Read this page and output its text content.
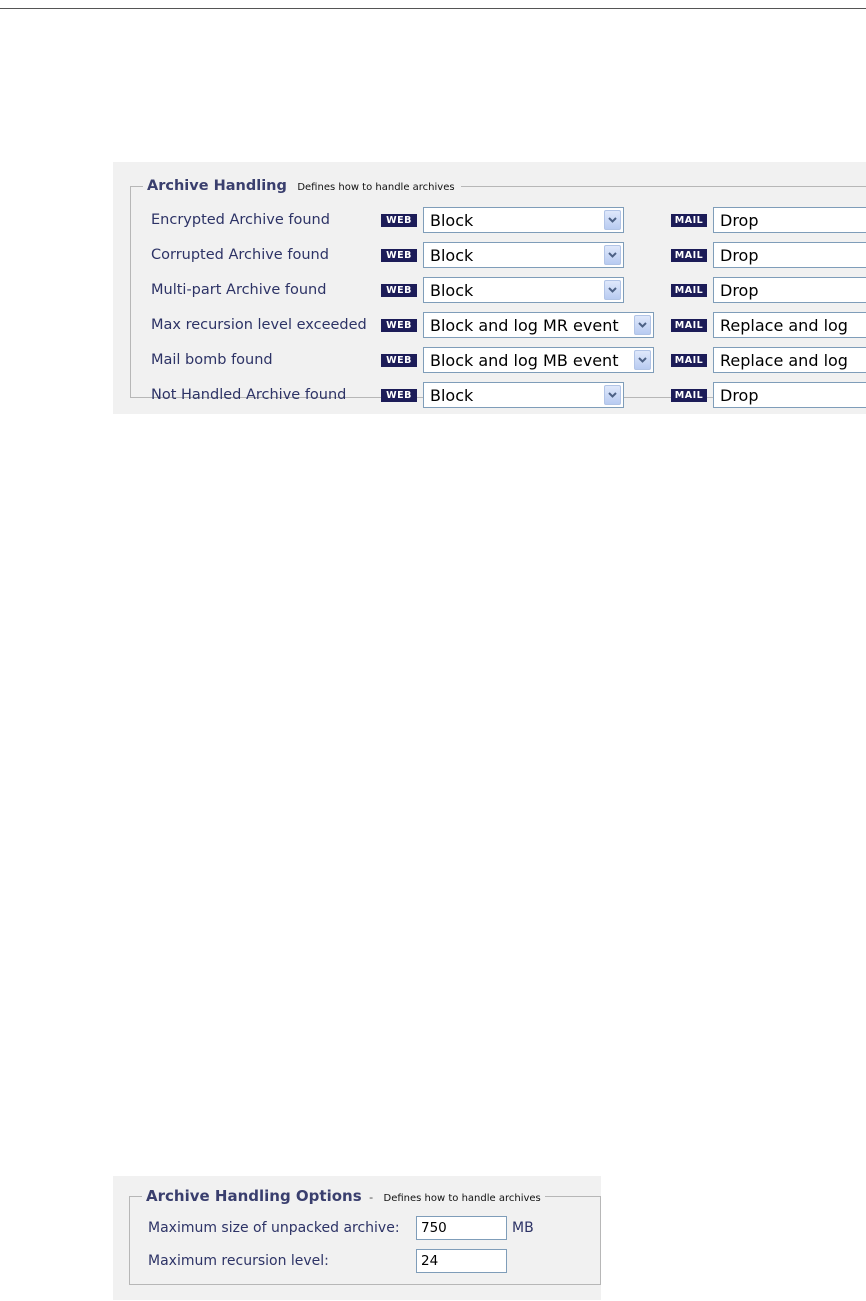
Archive Handling Defines how to handle archives
Encrypted Archive found	WEB	Block	MAIL Drop
Corrupted Archive found	WEB	Block	MAIL Drop
Multi-part Archive found	WEB	Block	MAIL Drop
Max recursion level exceeded	WEB	Block and log MR event	MAIL Replace and log
Mail bomb found	WEB	Block and log MB event	MAIL Replace and log
Not Handled Archive found	WEB	Block	MAIL Drop
Archive Handling Options - Defines how to handle archives
Maximum size of unpacked archive:	750	MB
Maximum recursion level:	24
